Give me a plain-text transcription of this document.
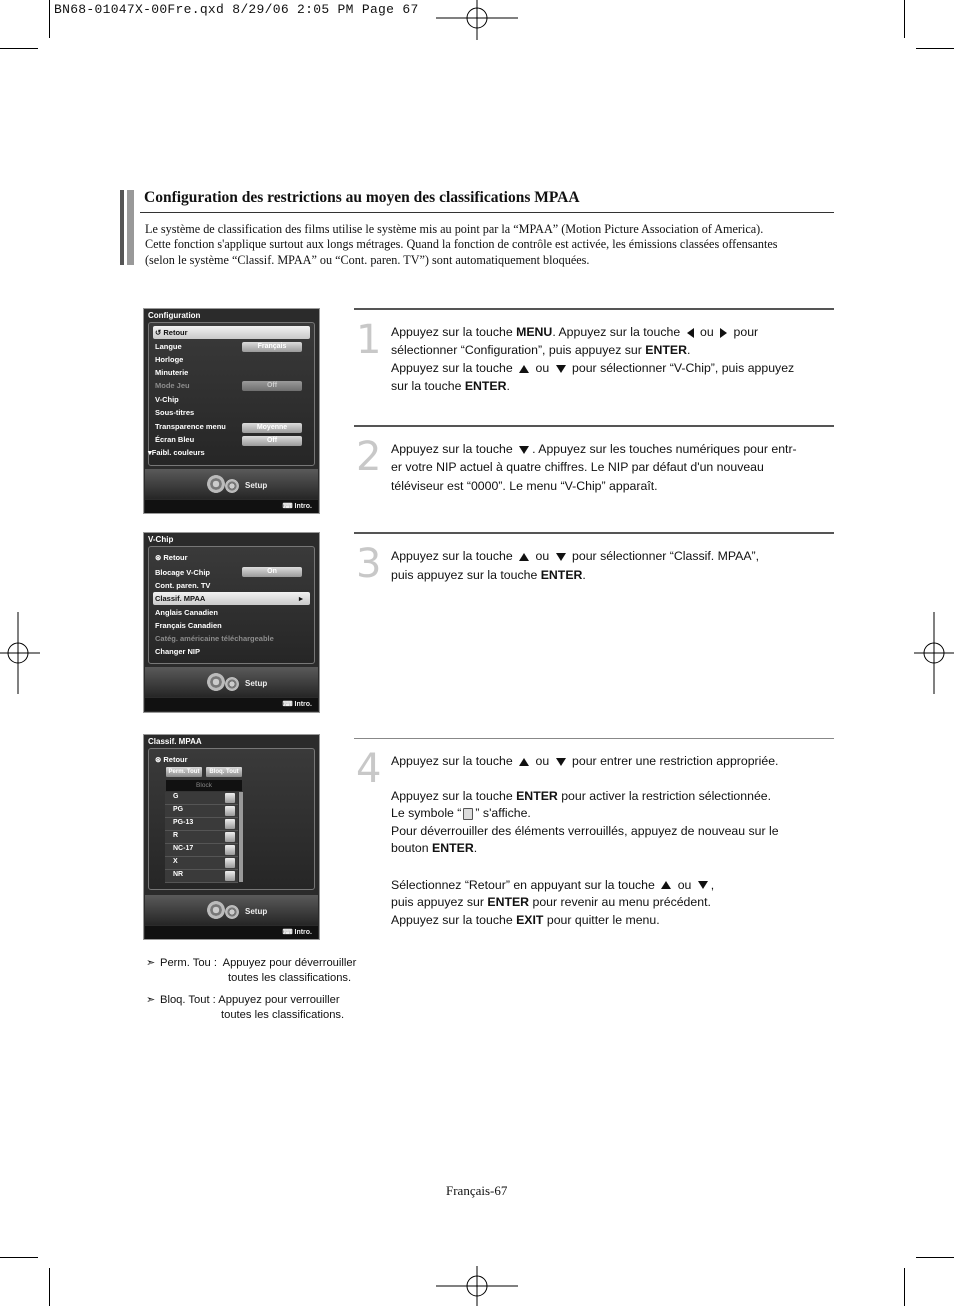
BN68-01047X-00Fre.qxd 8/29/06 2:05 PM Page 67
Configuration des restrictions au moyen des classifications MPAA
Le système de classification des films utilise le système mis au point par la “MPAA” (Motion Picture Association of America).
Cette fonction s'applique surtout aux longs métrages. Quand la fonction de contrôle est activée, les émissions classées offensantes
(selon le système “Classif. MPAA” ou “Cont. paren. TV”) sont automatiquement bloquées.
Configuration
↺ Retour
Langue	Français
Horloge
Minuterie
Mode Jeu	Off
V-Chip
Sous-titres
Transparence menu	Moyenne
Écran Bleu	Off
▾Faibl. couleurs
Setup
⌨ Intro.
V-Chip
⊛ Retour
Blocage V-Chip	On
Cont. paren. TV
Classif. MPAA	▸
Anglais Canadien
Français Canadien
Catég. américaine téléchargeable
Changer NIP
Setup
⌨ Intro.
Classif. MPAA
⊛ Retour
Perm. Tout	Bloq. Tout
Setup
⌨ Intro.
Block
G
PG
PG-13
R
NC-17
X
NR
1
2
3
4
Appuyez sur la touche MENU. Appuyez sur la touche  ou  pour
sélectionner “Configuration”, puis appuyez sur ENTER.
Appuyez sur la touche  ou  pour sélectionner “V-Chip”, puis appuyez
sur la touche ENTER.
Appuyez sur la touche . Appuyez sur les touches numériques pour entr-
er votre NIP actuel à quatre chiffres. Le NIP par défaut d'un nouveau
téléviseur est “0000”. Le menu “V-Chip” apparaît.
Appuyez sur la touche  ou  pour sélectionner “Classif. MPAA”,
puis appuyez sur la touche ENTER.
Appuyez sur la touche  ou  pour entrer une restriction appropriée.
Appuyez sur la touche ENTER pour activer la restriction sélectionnée.
Le symbole “ ” s'affiche.
Pour déverrouiller des éléments verrouillés, appuyez de nouveau sur le
bouton ENTER.
Sélectionnez “Retour” en appuyant sur la touche  ou ,
puis appuyez sur ENTER pour revenir au menu précédent.
Appuyez sur la touche EXIT pour quitter le menu.
➣ Perm. Tou : Appuyez pour déverrouiller
toutes les classifications.
➣ Bloq. Tout : Appuyez pour verrouiller
toutes les classifications.
Français-67
